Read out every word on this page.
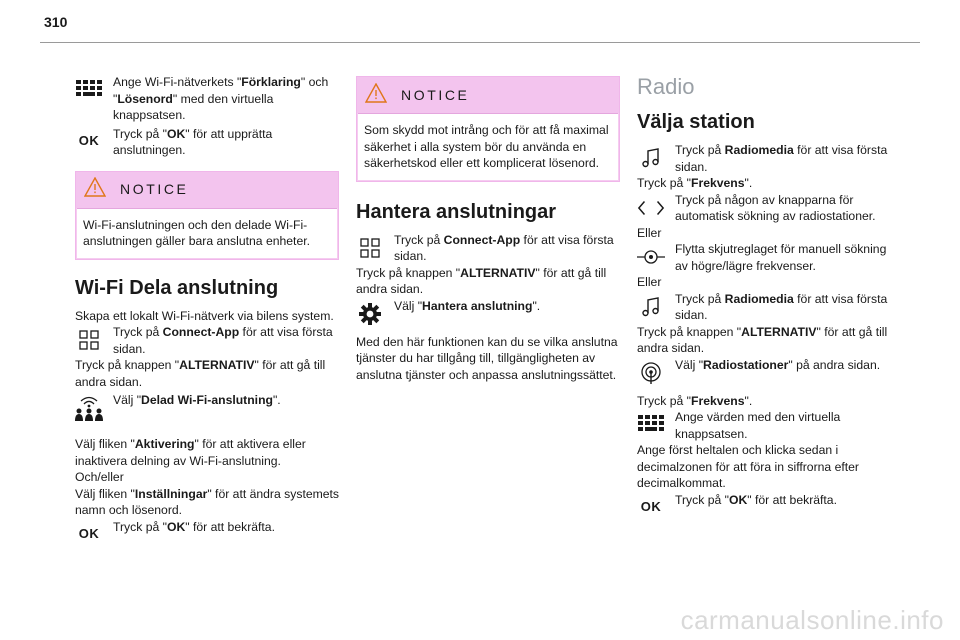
310
Ange Wi-Fi-nätverkets "Förklaring" och "Lösenord" med den virtuella knappsatsen.
OK Tryck på "OK" för att upprätta anslutningen.
NOTICE
Wi-Fi-anslutningen och den delade Wi-Fi-anslutningen gäller bara anslutna enheter.
Wi-Fi Dela anslutning

Skapa ett lokalt Wi-Fi-nätverk via bilens system.

Tryck på Connect-App för att visa första sidan.

Tryck på knappen "ALTERNATIV" för att gå till andra sidan.

Välj "Delad Wi-Fi-anslutning".

Välj fliken "Aktivering" för att aktivera eller inaktivera delning av Wi-Fi-anslutning.

Och/eller

Välj fliken "Inställningar" för att ändra systemets namn och lösenord.

OK Tryck på "OK" för att bekräfta.
NOTICE
Som skydd mot intrång och för att få maximal säkerhet i alla system bör du använda en säkerhetskod eller ett komplicerat lösenord.
Hantera anslutningar
Tryck på Connect-App för att visa första sidan.

Tryck på knappen "ALTERNATIV" för att gå till andra sidan.

Välj "Hantera anslutning".

Med den här funktionen kan du se vilka anslutna tjänster du har tillgång till, tillgängligheten av anslutna tjänster och anpassa anslutningssättet.

Radio
Välja station
Tryck på Radiomedia för att visa första sidan.

Tryck på "Frekvens".

Tryck på någon av knapparna för automatisk sökning av radiostationer.

Eller

Flytta skjutreglaget för manuell sökning av högre/lägre frekvenser.

Eller

Tryck på Radiomedia för att visa första sidan.

Tryck på knappen "ALTERNATIV" för att gå till andra sidan.

Välj "Radiostationer" på andra sidan.

Tryck på "Frekvens".

Ange värden med den virtuella knappsatsen.

Ange först heltalen och klicka sedan i decimalzonen för att föra in siffrorna efter decimalkommat.

OK Tryck på "OK" för att bekräfta.
carmanualsonline.info
